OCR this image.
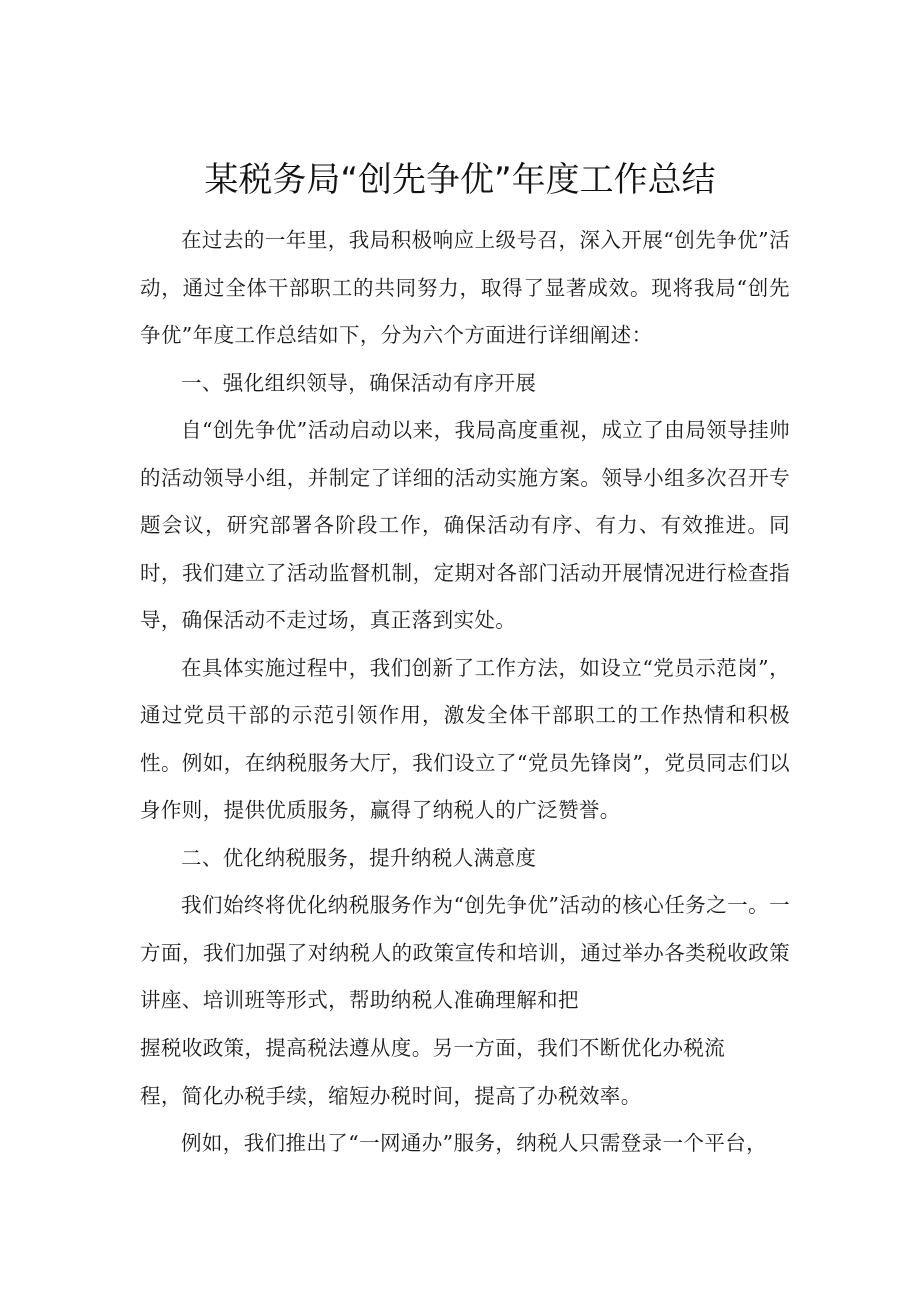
某税务局“创先争优”年度工作总结

在过去的一年里，我局积极响应上级号召，深入开展“创先争优”活动，通过全体干部职工的共同努力，取得了显著成效。现将我局“创先争优”年度工作总结如下，分为六个方面进行详细阐述：

一、强化组织领导，确保活动有序开展

自“创先争优”活动启动以来，我局高度重视，成立了由局领导挂帅的活动领导小组，并制定了详细的活动实施方案。领导小组多次召开专题会议，研究部署各阶段工作，确保活动有序、有力、有效推进。同时，我们建立了活动监督机制，定期对各部门活动开展情况进行检查指导，确保活动不走过场，真正落到实处。

在具体实施过程中，我们创新了工作方法，如设立“党员示范岗”，通过党员干部的示范引领作用，激发全体干部职工的工作热情和积极性。例如，在纳税服务大厅，我们设立了“党员先锋岗”，党员同志们以身作则，提供优质服务，赢得了纳税人的广泛赞誉。

二、优化纳税服务，提升纳税人满意度

我们始终将优化纳税服务作为“创先争优”活动的核心任务之一。一方面，我们加强了对纳税人的政策宣传和培训，通过举办各类税收政策讲座、培训班等形式，帮助纳税人准确理解和把

握税收政策，提高税法遵从度。另一方面，我们不断优化办税流

程，简化办税手续，缩短办税时间，提高了办税效率。

例如，我们推出了“一网通办”服务，纳税人只需登录一个平台，
